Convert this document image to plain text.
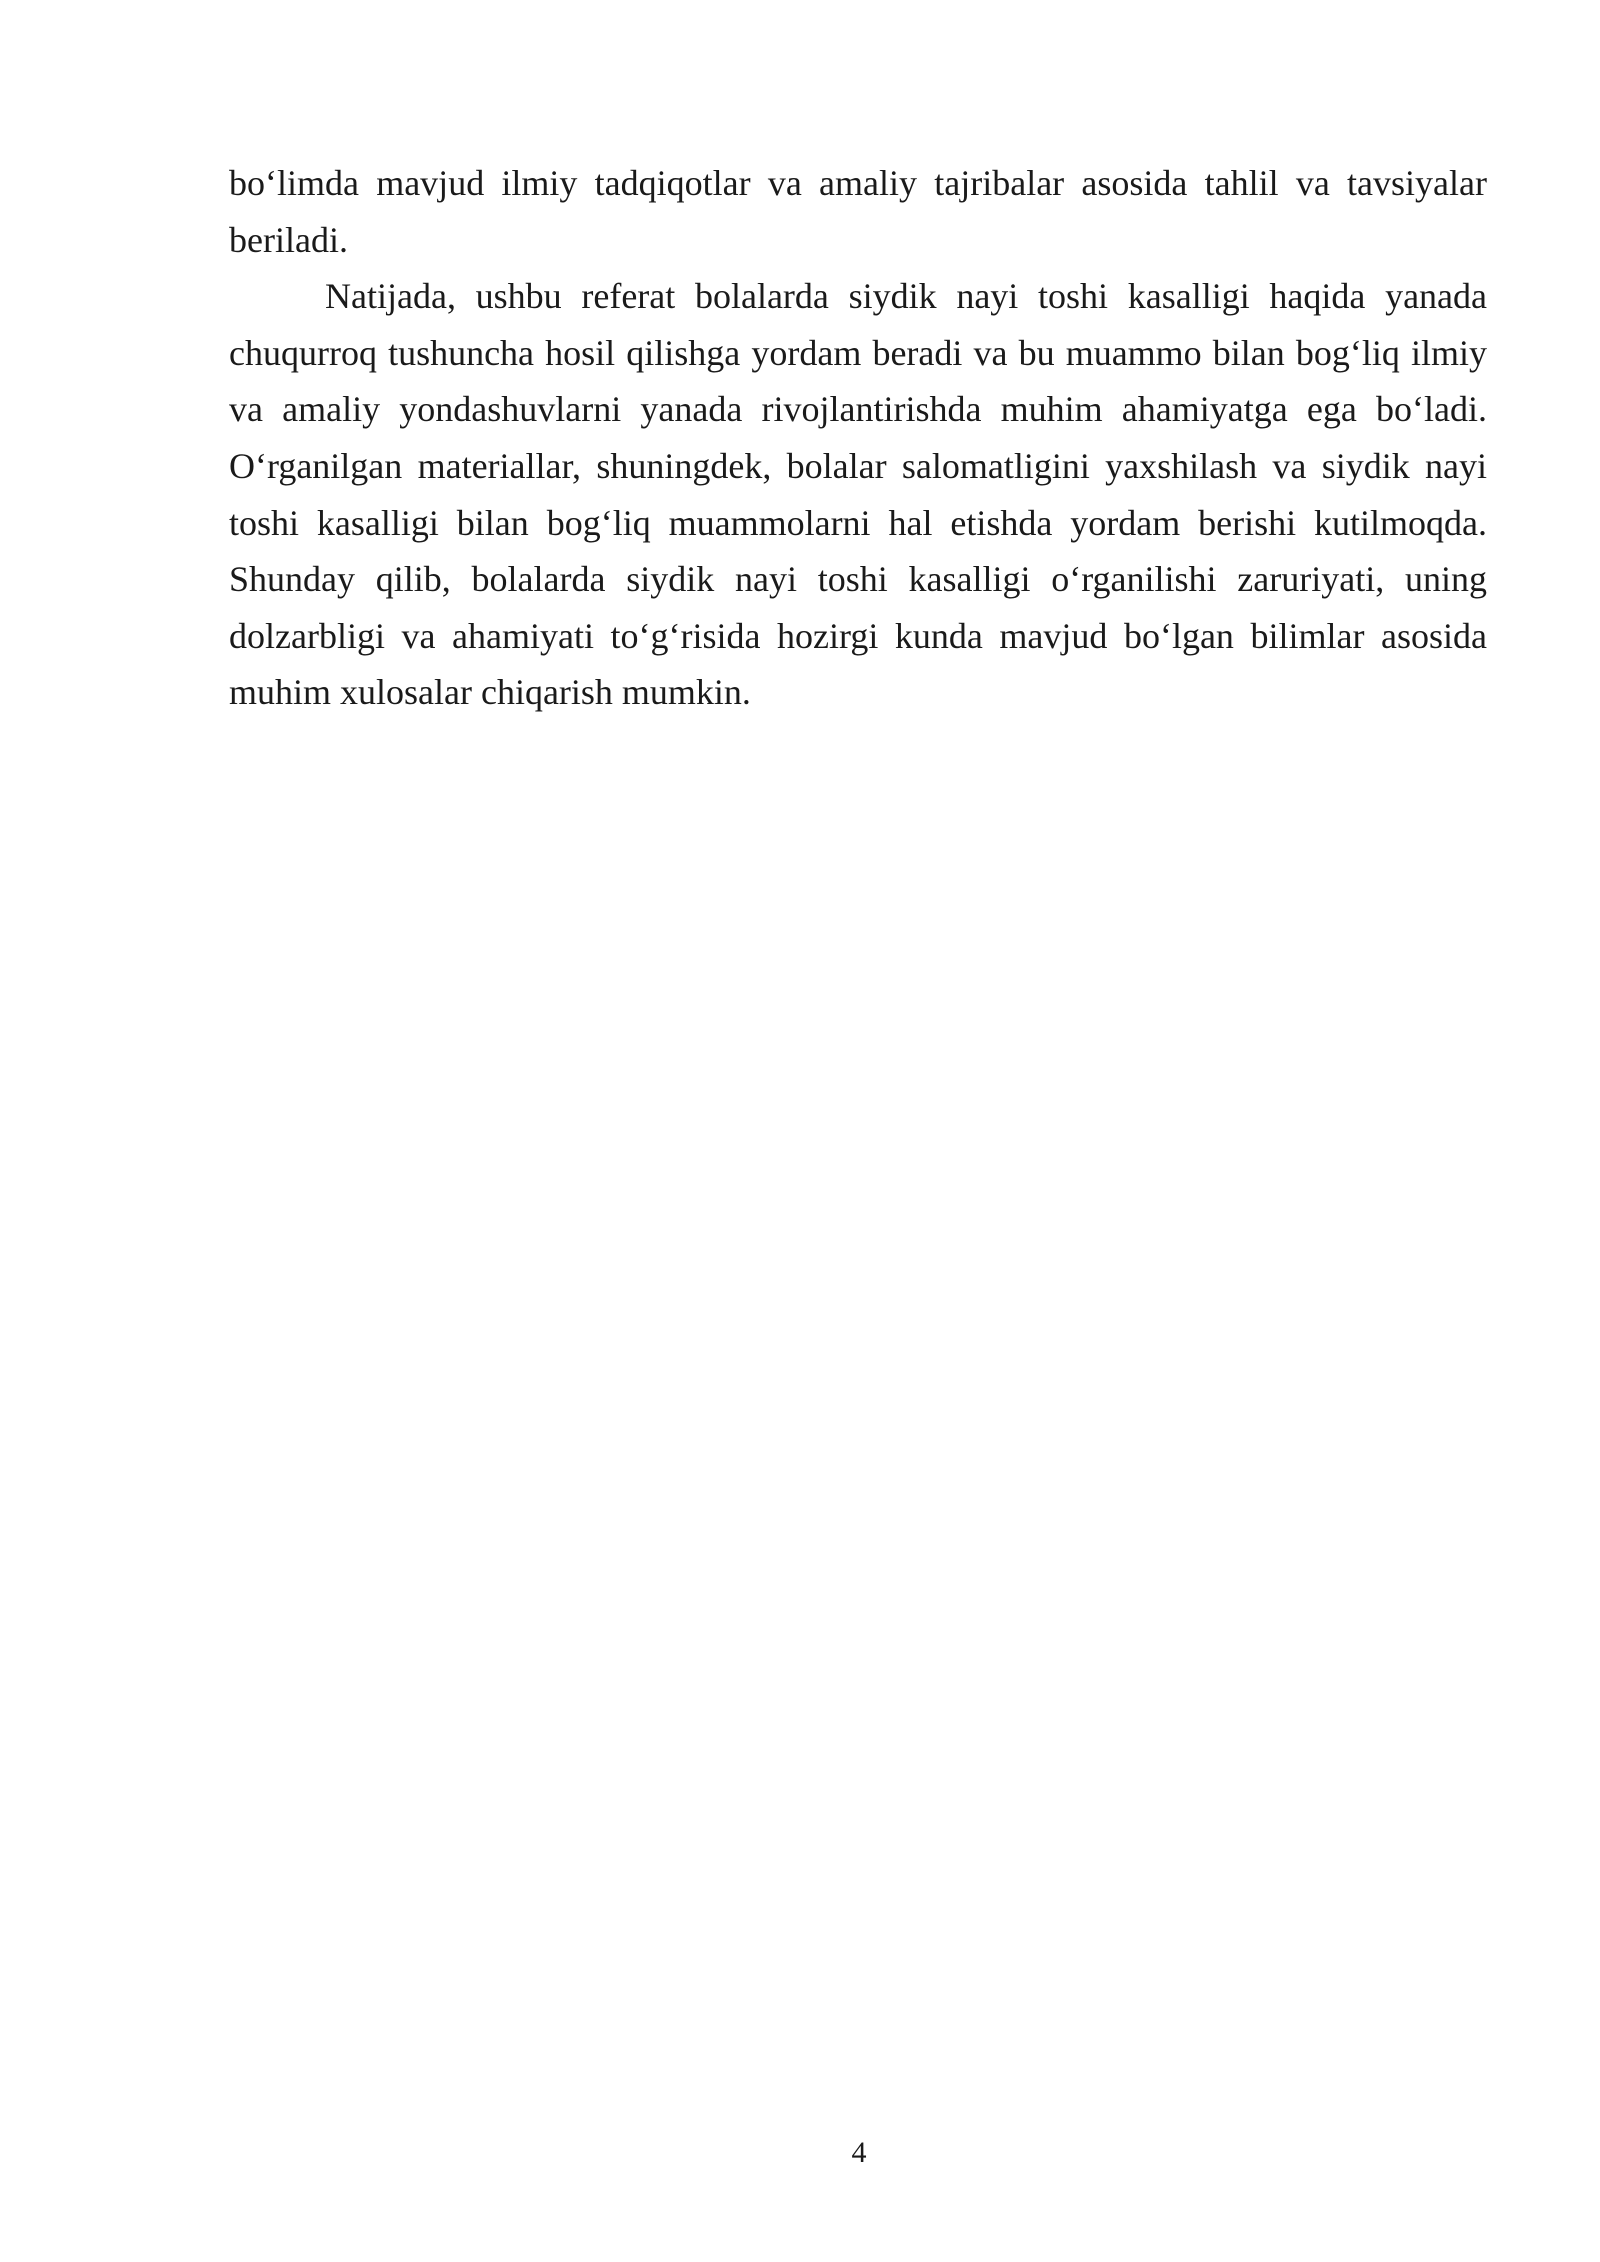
bo‘limda mavjud ilmiy tadqiqotlar va amaliy tajribalar asosida tahlil va tavsiyalar beriladi.

Natijada, ushbu referat bolalarda siydik nayi toshi kasalligi haqida yanada chuqurroq tushuncha hosil qilishga yordam beradi va bu muammo bilan bog‘liq ilmiy va amaliy yondashuvlarni yanada rivojlantirishda muhim ahamiyatga ega bo‘ladi. O‘rganilgan materiallar, shuningdek, bolalar salomatligini yaxshilash va siydik nayi toshi kasalligi bilan bog‘liq muammolarni hal etishda yordam berishi kutilmoqda. Shunday qilib, bolalarda siydik nayi toshi kasalligi o‘rganilishi zaruriyati, uning dolzarbligi va ahamiyati to‘g‘risida hozirgi kunda mavjud bo‘lgan bilimlar asosida muhim xulosalar chiqarish mumkin.

4
